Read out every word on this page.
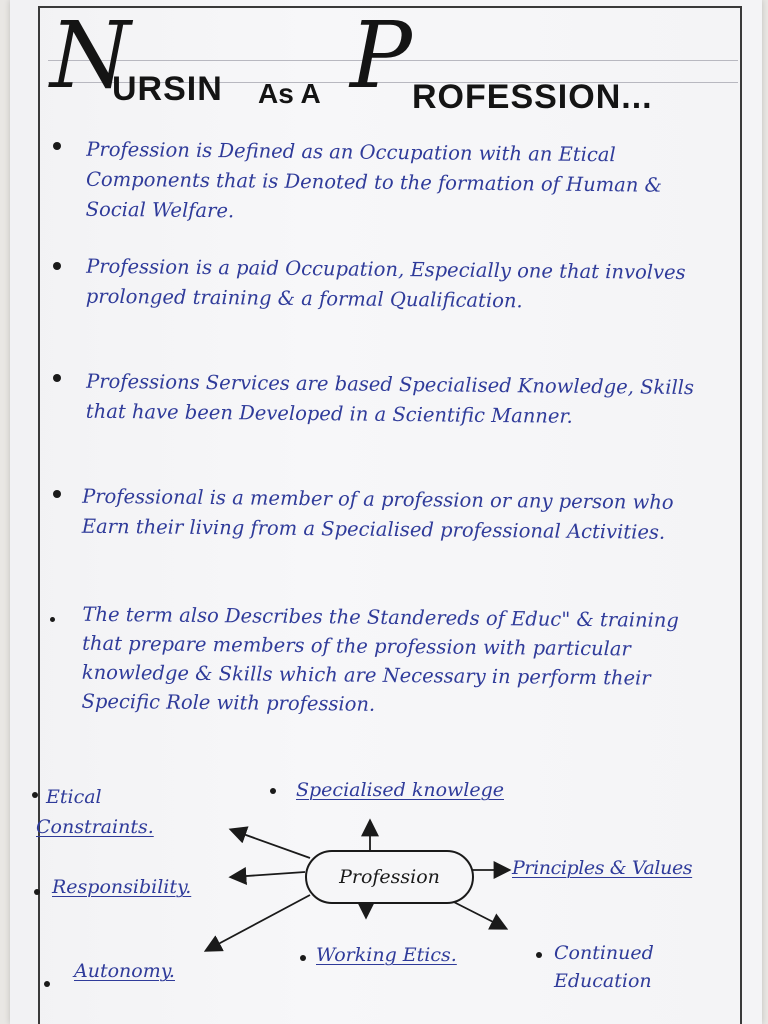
N
URSIN As A P ROFESSION...
Profession is Defined as an Occupation with an Etical Components that is Denoted to the formation of Human & Social Welfare.
Profession is a paid Occupation, Especially one that involves prolonged training & a formal Qualification.
Professions Services are based Specialised Knowledge, Skills that have been Developed in a Scientific Manner.
Professional is a member of a profession or any person who Earn their living from a Specialised professional Activities.
The term also Describes the Standereds of Educ" & training that prepare members of the profession with particular knowledge & Skills which are Necessary in perform their Specific Role with profession.
Profession
Etical
Constraints.
Specialised knowlege
Principles & Values
Responsibility.
Autonomy.
Working Etics.	Continued
Education
